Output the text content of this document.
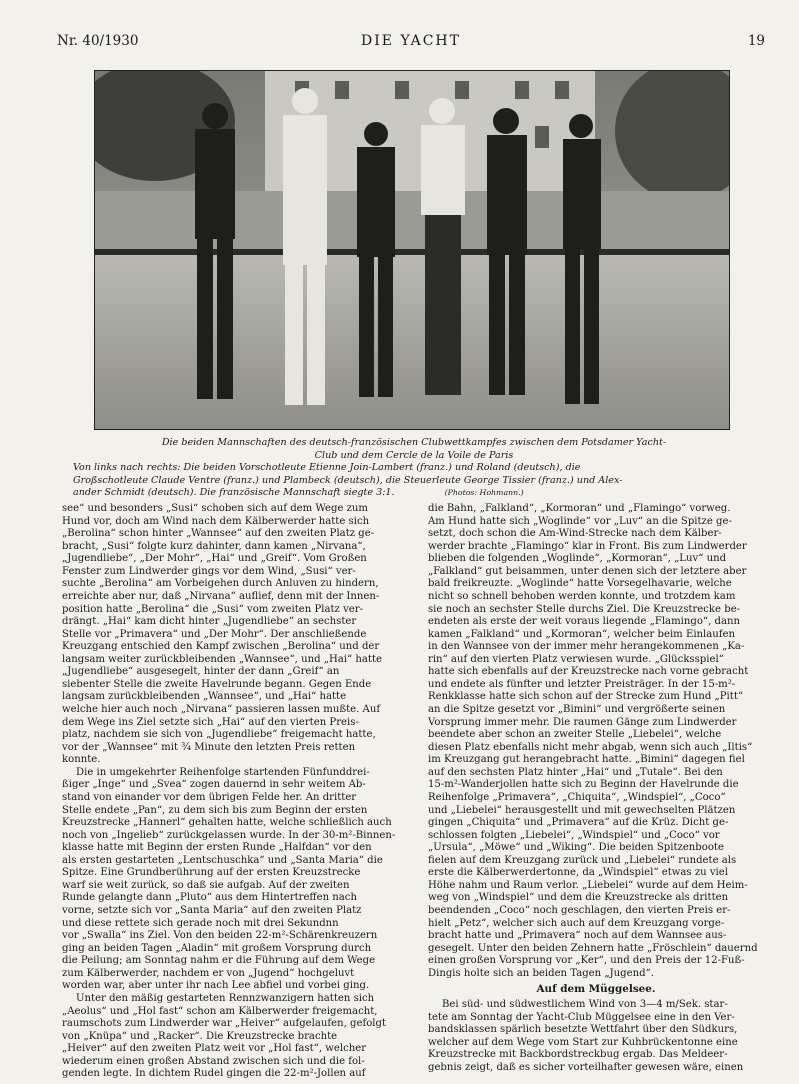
Nr. 40/1930	DIE YACHT	19
Die beiden Mannschaften des deutsch-französischen Clubwettkampfes zwischen dem Potsdamer Yacht-
Club und dem Cercle de la Voile de Paris
Von links nach rechts: Die beiden Vorschotleute Etienne Join-Lambert (franz.) und Roland (deutsch), die
Großschotleute Claude Ventre (franz.) und Plambeck (deutsch), die Steuerleute George Tissier (franz.) und Alex-
ander Schmidt (deutsch). Die französische Mannschaft siegte 3:1.	(Photos: Hohmann.)
see“ und besonders „Susi“ schoben sich auf dem Wege zum
Hund vor, doch am Wind nach dem Kälberwerder hatte sich
„Berolina“ schon hinter „Wannsee“ auf den zweiten Platz ge-
bracht, „Susi“ folgte kurz dahinter, dann kamen „Nirvana“,
„Jugendliebe“, „Der Mohr“, „Hai“ und „Greif“. Vom Großen
Fenster zum Lindwerder gings vor dem Wind, „Susi“ ver-
suchte „Berolina“ am Vorbeigehen durch Anluven zu hindern,
erreichte aber nur, daß „Nirvana“ auflief, denn mit der Innen-
position hatte „Berolina“ die „Susi“ vom zweiten Platz ver-
drängt. „Hai“ kam dicht hinter „Jugendliebe“ an sechster
Stelle vor „Primavera“ und „Der Mohr“. Der anschließende
Kreuzgang entschied den Kampf zwischen „Berolina“ und der
langsam weiter zurückbleibenden „Wannsee“, und „Hai“ hatte
„Jugendliebe“ ausgesegelt, hinter der dann „Greif“ an
siebenter Stelle die zweite Havelrunde begann. Gegen Ende
langsam zurückbleibenden „Wannsee“, und „Hai“ hatte
welche hier auch noch „Nirvana“ passieren lassen mußte. Auf
dem Wege ins Ziel setzte sich „Hai“ auf den vierten Preis-
platz, nachdem sie sich von „Jugendliebe“ freigemacht hatte,
vor der „Wannsee“ mit ¾ Minute den letzten Preis retten
konnte.
Die in umgekehrter Reihenfolge startenden Fünfunddrei-
ßiger „Inge“ und „Svea“ zogen dauernd in sehr weitem Ab-
stand von einander vor dem übrigen Felde her. An dritter
Stelle endete „Pan“, zu dem sich bis zum Beginn der ersten
Kreuzstrecke „Hannerl“ gehalten hatte, welche schließlich auch
noch von „Ingelieb“ zurückgelassen wurde. In der 30-m²-Binnen-
klasse hatte mit Beginn der ersten Runde „Halfdan“ vor den
als ersten gestarteten „Lentschuschka“ und „Santa Maria“ die
Spitze. Eine Grundberührung auf der ersten Kreuzstrecke
warf sie weit zurück, so daß sie aufgab. Auf der zweiten
Runde gelangte dann „Pluto“ aus dem Hintertreffen nach
vorne, setzte sich vor „Santa Maria“ auf den zweiten Platz
und diese rettete sich gerade noch mit drei Sekundnn
vor „Swalla“ ins Ziel. Von den beiden 22-m²-Schärenkreuzern
ging an beiden Tagen „Aladin“ mit großem Vorsprung durch
die Peilung; am Sonntag nahm er die Führung auf dem Wege
zum Kälberwerder, nachdem er von „Jugend“ hochgeluvt
worden war, aber unter ihr nach Lee abfiel und vorbei ging.
Unter den mäßig gestarteten Rennzwanzigern hatten sich
„Aeolus“ und „Hol fast“ schon am Kälberwerder freigemacht,
raumschots zum Lindwerder war „Heiver“ aufgelaufen, gefolgt
von „Knüpa“ und „Racker“. Die Kreuzstrecke brachte
„Heiver“ auf den zweiten Platz weit vor „Hol fast“, welcher
wiederum einen großen Abstand zwischen sich und die fol-
genden legte. In dichtem Rudel gingen die 22-m²-Jollen auf
die Bahn, „Falkland“, „Kormoran“ und „Flamingo“ vorweg.
Am Hund hatte sich „Woglinde“ vor „Luv“ an die Spitze ge-
setzt, doch schon die Am-Wind-Strecke nach dem Kälber-
werder brachte „Flamingo“ klar in Front. Bis zum Lindwerder
blieben die folgenden „Woglinde“, „Kormoran“, „Luv“ und
„Falkland“ gut beisammen, unter denen sich der letztere aber
bald freikreuzte. „Woglinde“ hatte Vorsegelhavarie, welche
nicht so schnell behoben werden konnte, und trotzdem kam
sie noch an sechster Stelle durchs Ziel. Die Kreuzstrecke be-
endeten als erste der weit voraus liegende „Flamingo“, dann
kamen „Falkland“ und „Kormoran“, welcher beim Einlaufen
in den Wannsee von der immer mehr herangekommenen „Ka-
rin“ auf den vierten Platz verwiesen wurde. „Glücksspiel“
hatte sich ebenfalls auf der Kreuzstrecke nach vorne gebracht
und endete als fünfter und letzter Preisträger. In der 15-m²-
Renkklasse hatte sich schon auf der Strecke zum Hund „Pitt“
an die Spitze gesetzt vor „Bimini“ und vergrößerte seinen
Vorsprung immer mehr. Die raumen Gänge zum Lindwerder
beendete aber schon an zweiter Stelle „Liebelei“, welche
diesen Platz ebenfalls nicht mehr abgab, wenn sich auch „Iltis“
im Kreuzgang gut herangebracht hatte. „Bimini“ dagegen fiel
auf den sechsten Platz hinter „Hai“ und „Tutale“. Bei den
15-m²-Wanderjollen hatte sich zu Beginn der Havelrunde die
Reihenfolge „Primavera“, „Chiquita“, „Windspiel“, „Coco“
und „Liebelei“ herausgestellt und mit gewechselten Plätzen
gingen „Chiquita“ und „Primavera“ auf die Krüz. Dicht ge-
schlossen folgten „Liebelei“, „Windspiel“ und „Coco“ vor
„Ursula“, „Möwe“ und „Wiking“. Die beiden Spitzenboote
fielen auf dem Kreuzgang zurück und „Liebelei“ rundete als
erste die Kälberwerdertonne, da „Windspiel“ etwas zu viel
Höhe nahm und Raum verlor. „Liebelei“ wurde auf dem Heim-
weg von „Windspiel“ und dem die Kreuzstrecke als dritten
beendenden „Coco“ noch geschlagen, den vierten Preis er-
hielt „Petz“, welcher sich auch auf dem Kreuzgang vorge-
bracht hatte und „Primavera“ noch auf dem Wannsee aus-
gesegelt. Unter den beiden Zehnern hatte „Fröschlein“ dauernd
einen großen Vorsprung vor „Ker“, und den Preis der 12-Fuß-
Dingis holte sich an beiden Tagen „Jugend“.
Auf dem Müggelsee.
Bei süd- und südwestlichem Wind von 3—4 m/Sek. star-
tete am Sonntag der Yacht-Club Müggelsee eine in den Ver-
bandsklassen spärlich besetzte Wettfahrt über den Südkurs,
welcher auf dem Wege vom Start zur Kuhbrückentonne eine
Kreuzstrecke mit Backbordstreckbug ergab. Das Meldeer-
gebnis zeigt, daß es sicher vorteilhafter gewesen wäre, einen
